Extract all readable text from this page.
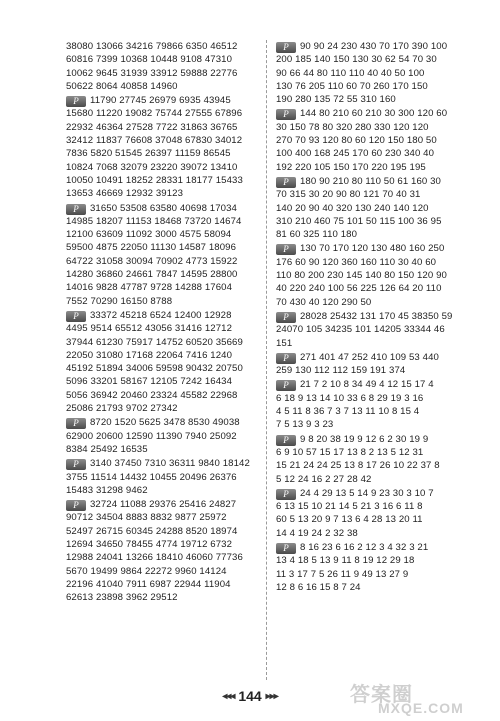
38080 13066 34216 79866 6350 46512
60816 7399 10368 10448 9108 47310
10062 9645 31939 33912 59888 22776
50622 8064 40858 14960
P 11790 27745 26979 6935 43945
15680 11220 19082 75744 27555 67896
22932 46364 27528 7722 31863 36765
32412 11837 76608 37048 67830 34012
7836 5820 51545 26397 11159 86545
10824 7068 32079 23220 39072 13410
10050 10491 18252 28331 18177 15433
13653 46669 12932 39123
P 31650 53508 63580 40698 17034
14985 18207 11153 18468 73720 14674
12100 63609 11092 3000 4575 58094
59500 4875 22050 11130 14587 18096
64722 31058 30094 70902 4773 15922
14280 36860 24661 7847 14595 28800
14016 9828 47787 9728 14288 17604
7552 70290 16150 8788
P 33372 45218 6524 12400 12928
4495 9514 65512 43056 31416 12712
37944 61230 75917 14752 60520 35669
22050 31080 17168 22064 7416 1240
45192 51894 34006 59598 90432 20750
5096 33201 58167 12105 7242 16434
5056 36942 20460 23324 45582 22968
25086 21793 9702 27342
P 8720 1520 5625 3478 8530 49038
62900 20600 12590 11390 7940 25092
8384 25492 16535
P 3140 37450 7310 36311 9840 18142
3755 11514 14432 10455 20496 26376
15483 31298 9462
P 32724 11088 29376 25416 24827
90712 34504 8883 8832 9877 25972
52497 26715 60345 24288 8520 18974
12694 34650 78455 4774 19712 6732
12988 24041 13266 18410 46060 77736
5670 19499 9864 22272 9960 14124
22196 41040 7911 6987 22944 11904
62613 23898 3962 29512
P 90 90 24 230 430 70 170 390 100
200 185 140 150 130 30 62 54 70 30
90 66 44 80 110 110 40 40 50 100
130 76 205 110 60 70 260 170 150
190 280 135 72 55 310 160
P 144 80 210 60 210 30 300 120 60
30 150 78 80 320 280 330 120 120
270 70 93 120 80 60 120 150 180 50
100 400 168 245 170 60 230 340 40
192 220 105 150 170 220 195 195
P 180 90 210 80 110 50 61 160 30
70 315 30 20 90 80 121 70 40 31
140 20 90 40 320 130 240 140 120
310 210 460 75 101 50 115 100 36 95
81 60 325 110 180
P 130 70 170 120 130 480 160 250
176 60 90 120 360 160 110 30 40 60
110 80 200 230 145 140 80 150 120 90
40 220 240 100 56 225 126 64 20 110
70 430 40 120 290 50
P 28028 25432 131 170 45 38350 59
24070 105 34235 101 14205 33344 46
151
P 271 401 47 252 410 109 53 440
259 130 112 112 159 191 374
P 21 7 2 10 8 34 49 4 12 15 17 4
6 18 9 13 14 10 33 6 8 29 19 3 16
4 5 11 8 36 7 3 7 13 11 10 8 15 4
7 5 13 9 3 23
P 9 8 20 38 19 9 12 6 2 30 19 9
6 9 10 57 15 17 13 8 2 13 5 12 31
15 21 24 24 25 13 8 17 26 10 22 37 8
5 12 24 16 2 27 28 42
P 24 4 29 13 5 14 9 23 30 3 10 7
6 13 15 10 21 14 5 21 3 16 6 11 8
60 5 13 20 9 7 13 6 4 28 13 20 11
14 4 19 24 2 32 38
P 8 16 23 6 16 2 12 3 4 32 3 21
13 4 18 5 13 9 11 8 19 12 29 18
11 3 17 7 5 26 11 9 49 13 27 9
12 8 6 16 15 8 7 24
◂◂◂ 144 ▸▸▸	答案圈
MXQE.COM
